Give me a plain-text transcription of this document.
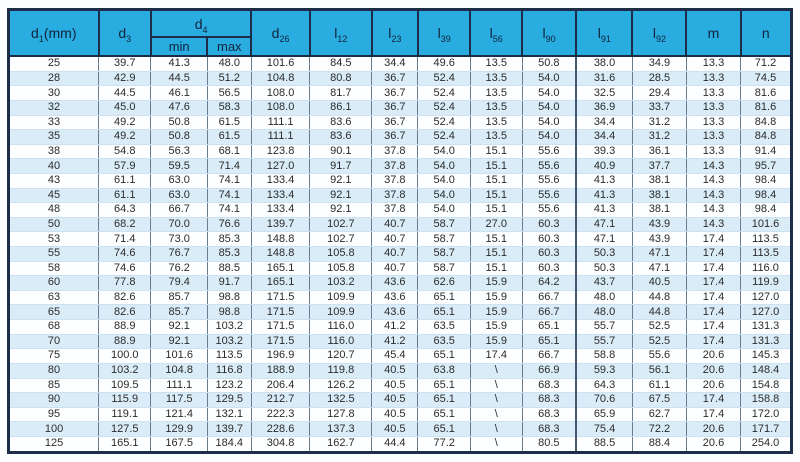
$d_1(mm)$	$d_3$	$d_4$		$d_{26}$	$l_{12}$	$l_{23}$	$l_{39}$	$l_{56}$	$l_{90}$	$l_{91}$	$l_{92}$	m	n
		min	max										
25	39.7	41.3	48.0	101.6	84.5	34.4	49.6	13.5	50.8	38.0	34.9	13.3	71.2
28	42.9	44.5	51.2	104.8	80.8	36.7	52.4	13.5	54.0	31.6	28.5	13.3	74.5
30	44.5	46.1	56.5	108.0	81.7	36.7	52.4	13.5	54.0	32.5	29.4	13.3	81.6
32	45.0	47.6	58.3	108.0	86.1	36.7	52.4	13.5	54.0	36.9	33.7	13.3	81.6
33	49.2	50.8	61.5	111.1	83.6	36.7	52.4	13.5	54.0	34.4	31.2	13.3	84.8
35	49.2	50.8	61.5	111.1	83.6	36.7	52.4	13.5	54.0	34.4	31.2	13.3	84.8
38	54.8	56.3	68.1	123.8	90.1	37.8	54.0	15.1	55.6	39.3	36.1	13.3	91.4
40	57.9	59.5	71.4	127.0	91.7	37.8	54.0	15.1	55.6	40.9	37.7	14.3	95.7
43	61.1	63.0	74.1	133.4	92.1	37.8	54.0	15.1	55.6	41.3	38.1	14.3	98.4
45	61.1	63.0	74.1	133.4	92.1	37.8	54.0	15.1	55.6	41.3	38.1	14.3	98.4
48	64.3	66.7	74.1	133.4	92.1	37.8	54.0	15.1	55.6	41.3	38.1	14.3	98.4
50	68.2	70.0	76.6	139.7	102.7	40.7	58.7	27.0	60.3	47.1	43.9	14.3	101.6
53	71.4	73.0	85.3	148.8	102.7	40.7	58.7	15.1	60.3	47.1	43.9	17.4	113.5
55	74.6	76.7	85.3	148.8	105.8	40.7	58.7	15.1	60.3	50.3	47.1	17.4	113.5
58	74.6	76.2	88.5	165.1	105.8	40.7	58.7	15.1	60.3	50.3	47.1	17.4	116.0
60	77.8	79.4	91.7	165.1	103.2	43.6	62.6	15.9	64.2	43.7	40.5	17.4	119.9
63	82.6	85.7	98.8	171.5	109.9	43.6	65.1	15.9	66.7	48.0	44.8	17.4	127.0
65	82.6	85.7	98.8	171.5	109.9	43.6	65.1	15.9	66.7	48.0	44.8	17.4	127.0
68	88.9	92.1	103.2	171.5	116.0	41.2	63.5	15.9	65.1	55.7	52.5	17.4	131.3
70	88.9	92.1	103.2	171.5	116.0	41.2	63.5	15.9	65.1	55.7	52.5	17.4	131.3
75	100.0	101.6	113.5	196.9	120.7	45.4	65.1	17.4	66.7	58.8	55.6	20.6	145.3
80	103.2	104.8	116.8	188.9	119.8	40.5	63.8	\	66.9	59.3	56.1	20.6	148.4
85	109.5	111.1	123.2	206.4	126.2	40.5	65.1	\	68.3	64.3	61.1	20.6	154.8
90	115.9	117.5	129.5	212.7	132.5	40.5	65.1	\	68.3	70.6	67.5	17.4	158.8
95	119.1	121.4	132.1	222.3	127.8	40.5	65.1	\	68.3	65.9	62.7	17.4	172.0
100	127.5	129.9	139.7	228.6	137.3	40.5	65.1	\	68.3	75.4	72.2	20.6	171.7
125	165.1	167.5	184.4	304.8	162.7	44.4	77.2	\	80.5	88.5	88.4	20.6	254.0
